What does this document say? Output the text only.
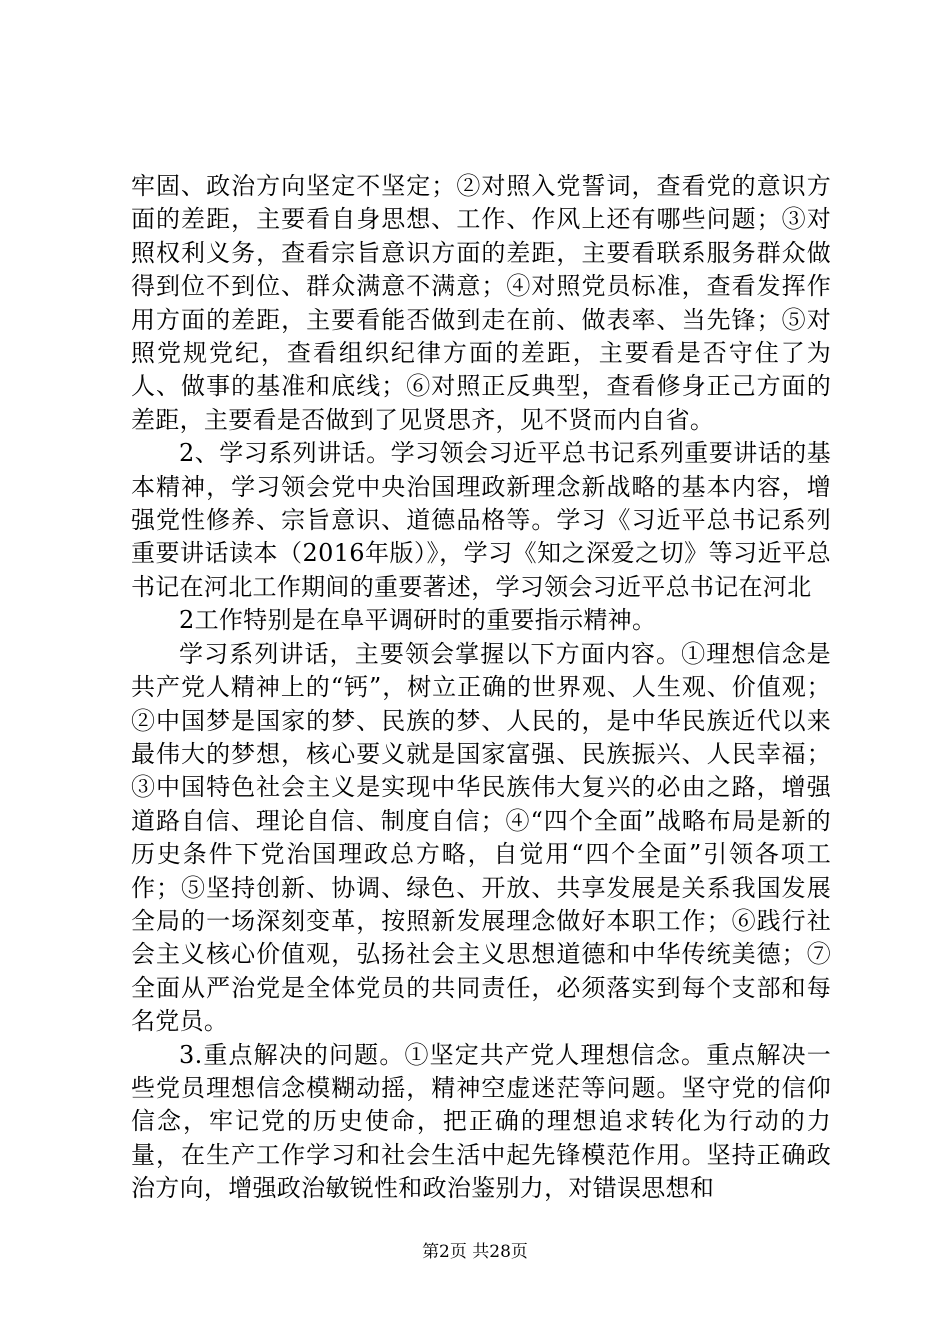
牢固、政治方向坚定不坚定；②对照入党誓词，查看党的意识方面的差距，主要看自身思想、工作、作风上还有哪些问题；③对照权利义务，查看宗旨意识方面的差距，主要看联系服务群众做得到位不到位、群众满意不满意；④对照党员标准，查看发挥作用方面的差距，主要看能否做到走在前、做表率、当先锋；⑤对照党规党纪，查看组织纪律方面的差距，主要看是否守住了为人、做事的基准和底线；⑥对照正反典型，查看修身正己方面的差距，主要看是否做到了见贤思齐，见不贤而内自省。

2、学习系列讲话。学习领会习近平总书记系列重要讲话的基本精神，学习领会党中央治国理政新理念新战略的基本内容，增强党性修养、宗旨意识、道德品格等。学习《习近平总书记系列重要讲话读本（2016年版）》，学习《知之深爱之切》等习近平总书记在河北工作期间的重要著述，学习领会习近平总书记在河北

2工作特别是在阜平调研时的重要指示精神。

学习系列讲话，主要领会掌握以下方面内容。①理想信念是共产党人精神上的“钙”，树立正确的世界观、人生观、价值观；②中国梦是国家的梦、民族的梦、人民的，是中华民族近代以来最伟大的梦想，核心要义就是国家富强、民族振兴、人民幸福；③中国特色社会主义是实现中华民族伟大复兴的必由之路，增强道路自信、理论自信、制度自信；④“四个全面”战略布局是新的历史条件下党治国理政总方略，自觉用“四个全面”引领各项工作；⑤坚持创新、协调、绿色、开放、共享发展是关系我国发展全局的一场深刻变革，按照新发展理念做好本职工作；⑥践行社会主义核心价值观，弘扬社会主义思想道德和中华传统美德；⑦全面从严治党是全体党员的共同责任，必须落实到每个支部和每名党员。

3.重点解决的问题。①坚定共产党人理想信念。重点解决一些党员理想信念模糊动摇，精神空虚迷茫等问题。坚守党的信仰信念，牢记党的历史使命，把正确的理想追求转化为行动的力量，在生产工作学习和社会生活中起先锋模范作用。坚持正确政治方向，增强政治敏锐性和政治鉴别力，对错误思想和

第2页 共28页
